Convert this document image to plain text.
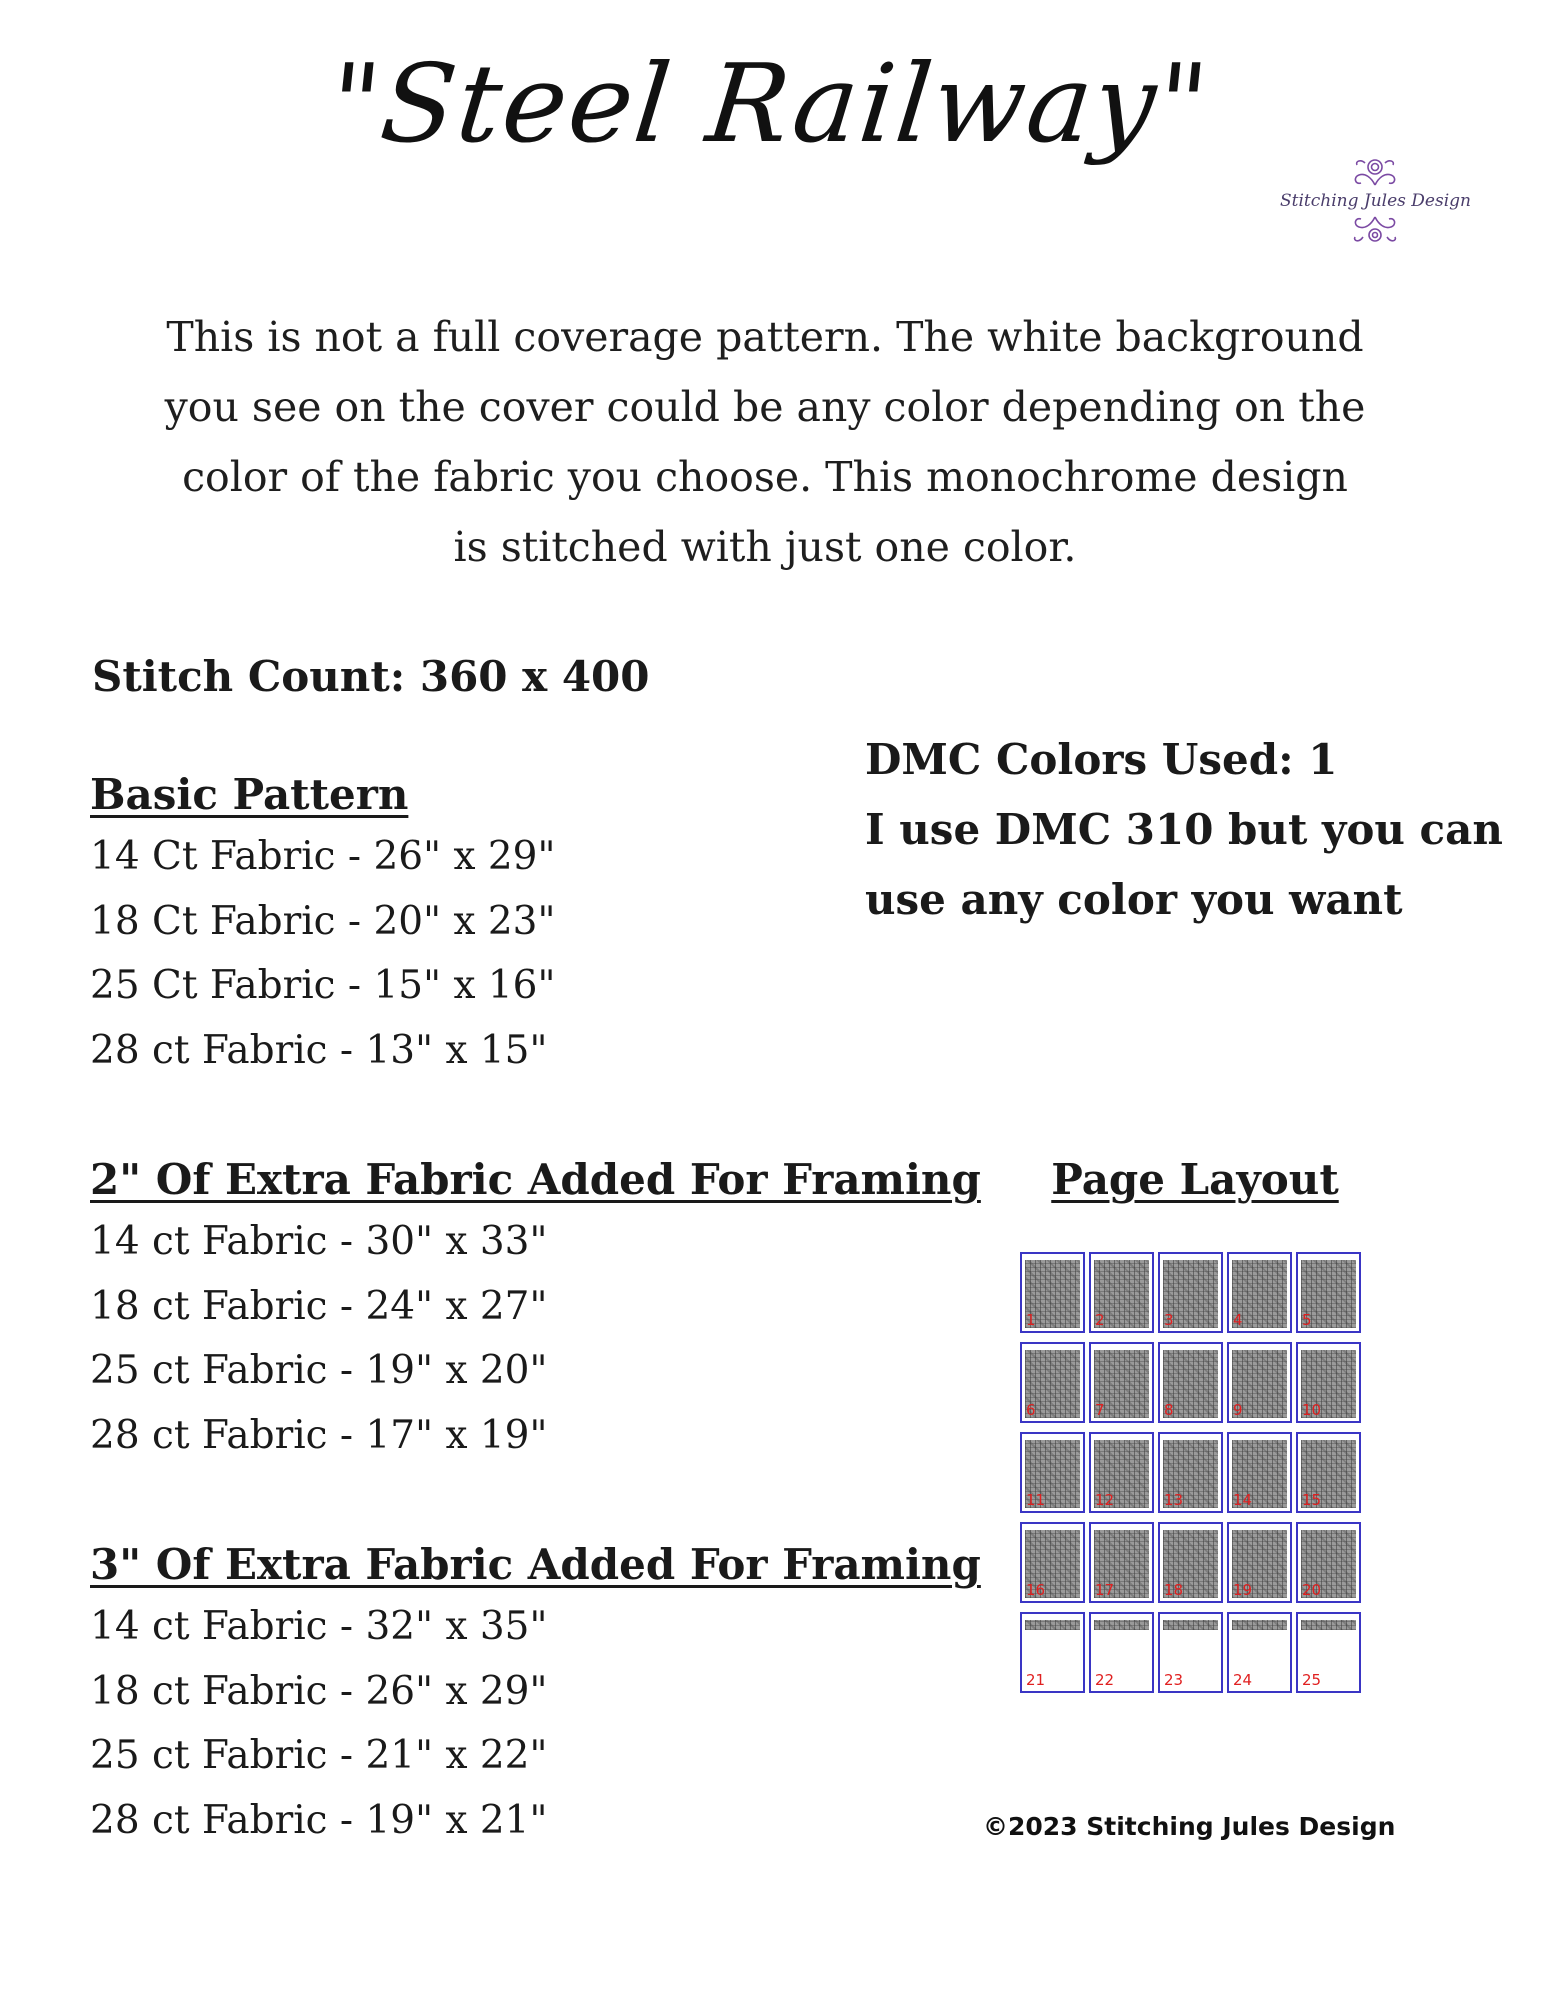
"Steel Railway"
Stitching Jules Design
This is not a full coverage pattern. The white background
you see on the cover could be any color depending on the
color of the fabric you choose. This monochrome design
is stitched with just one color.
Stitch Count: 360 x 400
DMC Colors Used: 1
I use DMC 310 but you can
use any color you want
Basic Pattern
14 Ct Fabric - 26" x 29"
18 Ct Fabric - 20" x 23"
25 Ct Fabric - 15" x 16"
28 ct Fabric - 13" x 15"
2" Of Extra Fabric Added For Framing
14 ct Fabric - 30" x 33"
18 ct Fabric - 24" x 27"
25 ct Fabric - 19" x 20"
28 ct Fabric - 17" x 19"
3" Of Extra Fabric Added For Framing
14 ct Fabric - 32" x 35"
18 ct Fabric - 26" x 29"
25 ct Fabric - 21" x 22"
28 ct Fabric - 19" x 21"
Page Layout
1	2	3	4	5
6	7	8	9	10
11	12	13	14	15
16	17	18	19	20
21	22	23	24	25
©2023 Stitching Jules Design
